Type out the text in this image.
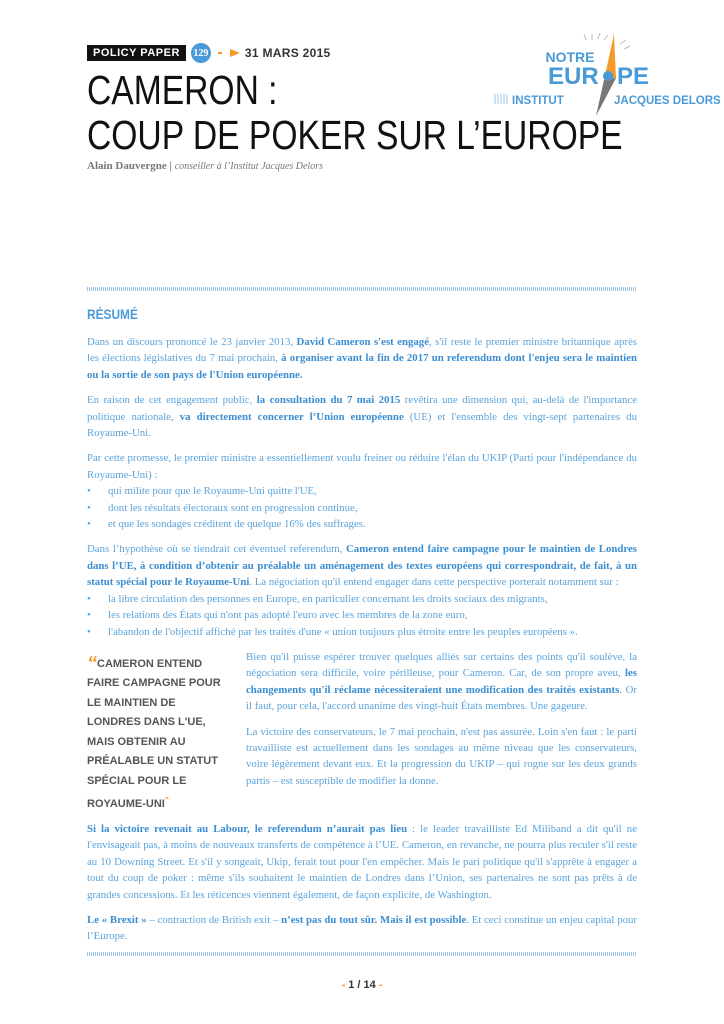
POLICY PAPER	129	31 MARS 2015
CAMERON :
COUP DE POKER SUR L’EUROPE
Alain Dauvergne | conseiller à l’Institut Jacques Delors
NOTRE
EUR PE
INSTITUT	JACQUES DELORS
RÉSUMÉ

Dans un discours prononcé le 23 janvier 2013, David Cameron s'est engagé, s'il reste le premier ministre britannique après les élections législatives du 7 mai prochain, à organiser avant la fin de 2017 un referendum dont l'enjeu sera le maintien ou la sortie de son pays de l'Union européenne.

En raison de cet engagement public, la consultation du 7 mai 2015 revêtira une dimension qui, au-delà de l'importance politique nationale, va directement concerner l’Union européenne (UE) et l'ensemble des vingt-sept partenaires du Royaume-Uni.

Par cette promesse, le premier ministre a essentiellement voulu freiner ou réduire l'élan du UKIP (Parti pour l'indépendance du Royaume-Uni) :

• qui milite pour que le Royaume-Uni quitte l'UE,
• dont les résultats électoraux sont en progression continue,
• et que les sondages créditent de quelque 16% des suffrages.

Dans l’hypothèse où se tiendrait cet éventuel referendum, Cameron entend faire campagne pour le maintien de Londres dans l’UE, à condition d’obtenir au préalable un aménagement des textes européens qui correspondrait, de fait, à un statut spécial pour le Royaume-Uni. La négociation qu'il entend engager dans cette perspective porterait notamment sur :

• la libre circulation des personnes en Europe, en particulier concernant les droits sociaux des migrants,
• les relations des États qui n'ont pas adopté l'euro avec les membres de la zone euro,
• l'abandon de l'objectif affiché par les traités d'une « union toujours plus étroite entre les peuples européens ».
“ CAMERON ENTEND FAIRE CAMPAGNE POUR LE MAINTIEN DE LONDRES DANS L'UE, MAIS OBTENIR AU PRÉALABLE UN STATUT SPÉCIAL POUR LE ROYAUME-UNI”

Bien qu'il puisse espérer trouver quelques alliés sur certains des points qu'il soulève, la négociation sera difficile, voire périlleuse, pour Cameron. Car, de son propre aveu, les changements qu'il réclame nécessiteraient une modification des traités existants. Or il faut, pour cela, l'accord unanime des vingt-huit États membres. Une gageure.

La victoire des conservateurs, le 7 mai prochain, n'est pas assurée. Loin s'en faut : le parti travailliste est actuellement dans les sondages au même niveau que les conservateurs, voire légèrement devant eux. Et la progression du UKIP – qui rogne sur les deux grands partis – est susceptible de modifier la donne.

Si la victoire revenait au Labour, le referendum n’aurait pas lieu : le leader travailliste Ed Miliband a dit qu'il ne l'envisageait pas, à moins de nouveaux transferts de compétence à l’UE. Cameron, en revanche, ne pourra plus reculer s'il reste au 10 Downing Street. Et s'il y songeait, Ukip, ferait tout pour l'en empêcher. Mais le pari politique qu'il s'apprête à engager a tout du coup de poker : même s'ils souhaitent le maintien de Londres dans l’Union, ses partenaires ne sont pas prêts à de grandes concessions. Et les réticences viennent également, de façon explicite, de Washington.

Le « Brexit » – contraction de British exit – n’est pas du tout sûr. Mais il est possible. Et ceci constitue un enjeu capital pour l’Europe.

- 1 / 14 -
